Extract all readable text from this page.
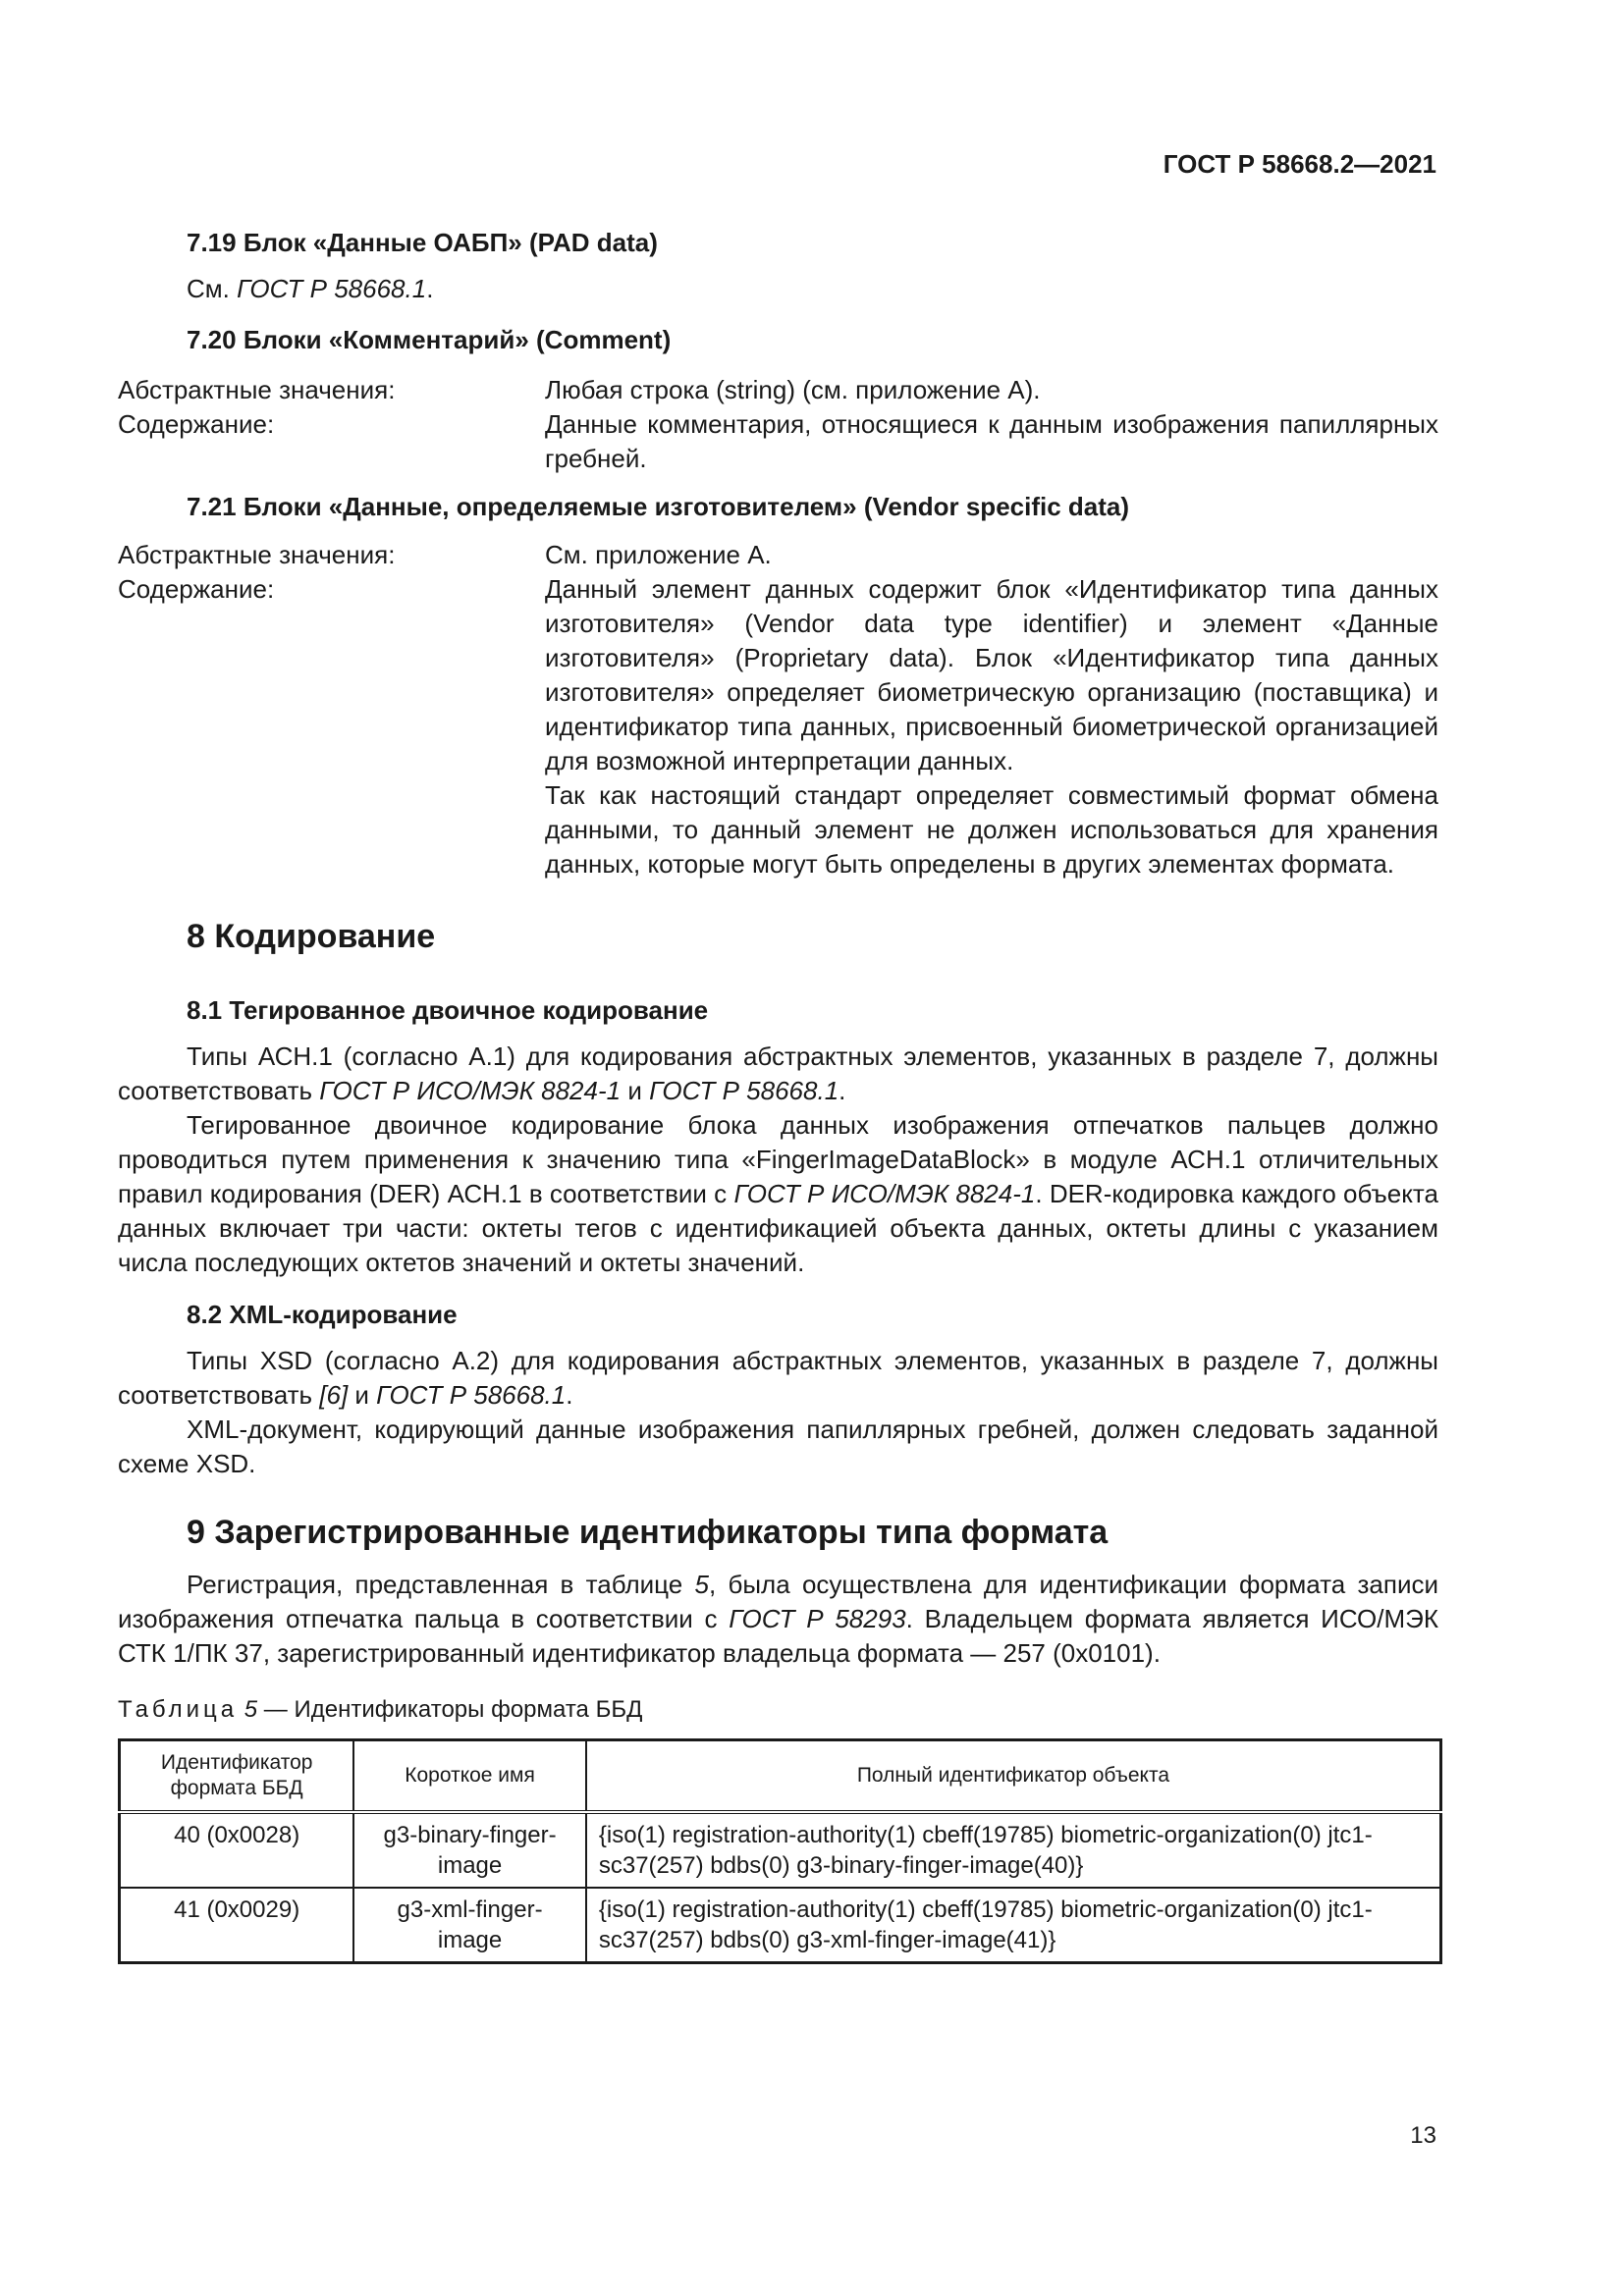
ГОСТ Р 58668.2—2021
7.19 Блок «Данные ОАБП» (PAD data)

См. ГОСТ Р 58668.1.

7.20 Блоки «Комментарий» (Comment)
Абстрактные значения:	Любая строка (string) (см. приложение А).
Содержание:	Данные комментария, относящиеся к данным изображения папиллярных гребней.
7.21 Блоки «Данные, определяемые изготовителем» (Vendor specific data)
Абстрактные значения:	См. приложение А.
Содержание:	Данный элемент данных содержит блок «Идентификатор типа данных изготовителя» (Vendor data type identifier) и элемент «Данные изготовителя» (Proprietary data). Блок «Идентификатор типа данных изготовителя» определяет биометрическую организацию (поставщика) и идентификатор типа данных, присвоенный биометрической организацией для возможной интерпретации данных.

Так как настоящий стандарт определяет совместимый формат обмена данными, то данный элемент не должен использоваться для хранения данных, которые могут быть определены в других элементах формата.

8 Кодирование
8.1 Тегированное двоичное кодирование

Типы АСН.1 (согласно А.1) для кодирования абстрактных элементов, указанных в разделе 7, должны соответствовать ГОСТ Р ИСО/МЭК 8824-1 и ГОСТ Р 58668.1.

Тегированное двоичное кодирование блока данных изображения отпечатков пальцев должно проводиться путем применения к значению типа «FingerImageDataBlock» в модуле АСН.1 отличительных правил кодирования (DER) АСН.1 в соответствии с ГОСТ Р ИСО/МЭК 8824-1. DER-кодировка каждого объекта данных включает три части: октеты тегов с идентификацией объекта данных, октеты длины с указанием числа последующих октетов значений и октеты значений.

8.2 XML-кодирование

Типы XSD (согласно А.2) для кодирования абстрактных элементов, указанных в разделе 7, должны соответствовать [6] и ГОСТ Р 58668.1.

XML-документ, кодирующий данные изображения папиллярных гребней, должен следовать заданной схеме XSD.

9 Зарегистрированные идентификаторы типа формата

Регистрация, представленная в таблице 5, была осуществлена для идентификации формата записи изображения отпечатка пальца в соответствии с ГОСТ Р 58293. Владельцем формата является ИСО/МЭК СТК 1/ПК 37, зарегистрированный идентификатор владельца формата — 257 (0x0101).

Таблица 5 — Идентификаторы формата ББД

Идентификатор формата ББД	Короткое имя	Полный идентификатор объекта
40 (0x0028)	g3-binary-finger-image	{iso(1) registration-authority(1) cbeff(19785) biometric-organization(0) jtc1-sc37(257) bdbs(0) g3-binary-finger-image(40)}
41 (0x0029)	g3-xml-finger-image	{iso(1) registration-authority(1) cbeff(19785) biometric-organization(0) jtc1-sc37(257) bdbs(0) g3-xml-finger-image(41)}
13
